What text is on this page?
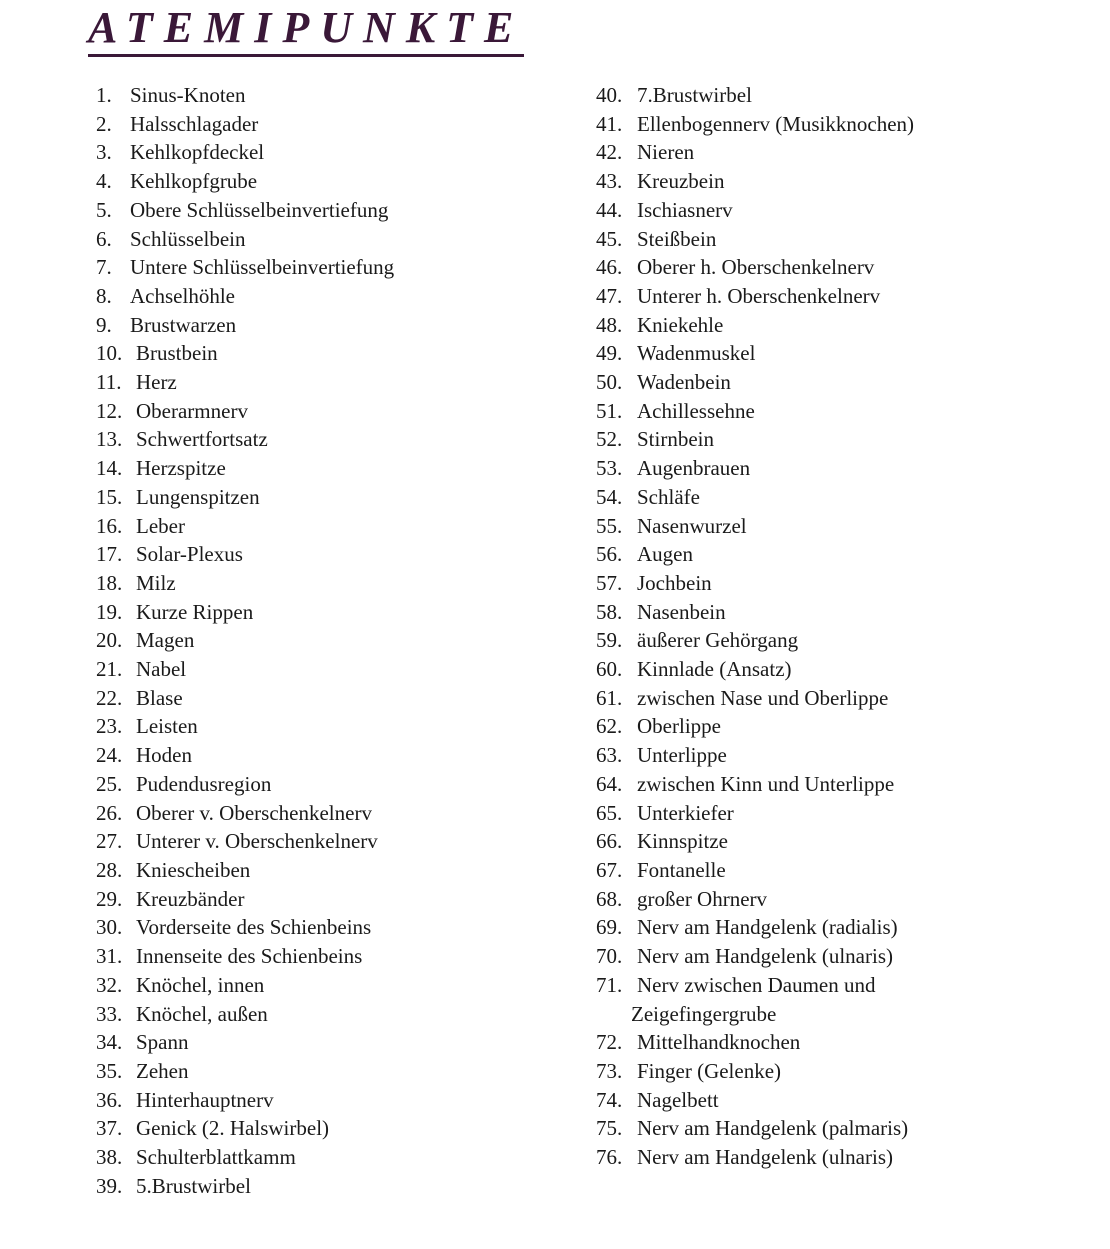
ATEMIPUNKTE
1. Sinus-Knoten
2. Halsschlagader
3. Kehlkopfdeckel
4. Kehlkopfgrube
5. Obere Schlüsselbeinvertiefung
6. Schlüsselbein
7. Untere Schlüsselbeinvertiefung
8. Achselhöhle
9. Brustwarzen
10. Brustbein
11. Herz
12. Oberarmnerv
13. Schwertfortsatz
14. Herzspitze
15. Lungenspitzen
16. Leber
17. Solar-Plexus
18. Milz
19. Kurze Rippen
20. Magen
21. Nabel
22. Blase
23. Leisten
24. Hoden
25. Pudendusregion
26. Oberer v. Oberschenkelnerv
27. Unterer v. Oberschenkelnerv
28. Kniescheiben
29. Kreuzbänder
30. Vorderseite des Schienbeins
31. Innenseite des Schienbeins
32. Knöchel, innen
33. Knöchel, außen
34. Spann
35. Zehen
36. Hinterhauptnerv
37. Genick (2. Halswirbel)
38. Schulterblattkamm
39. 5.Brustwirbel
40. 7.Brustwirbel
41. Ellenbogennerv (Musikknochen)
42. Nieren
43. Kreuzbein
44. Ischiasnerv
45. Steißbein
46. Oberer h. Oberschenkelnerv
47. Unterer h. Oberschenkelnerv
48. Kniekehle
49. Wadenmuskel
50. Wadenbein
51. Achillessehne
52. Stirnbein
53. Augenbrauen
54. Schläfe
55. Nasenwurzel
56. Augen
57. Jochbein
58. Nasenbein
59. äußerer Gehörgang
60. Kinnlade (Ansatz)
61. zwischen Nase und Oberlippe
62. Oberlippe
63. Unterlippe
64. zwischen Kinn und Unterlippe
65. Unterkiefer
66. Kinnspitze
67. Fontanelle
68. großer Ohrnerv
69. Nerv am Handgelenk (radialis)
70. Nerv am Handgelenk (ulnaris)
71. Nerv zwischen Daumen und
Zeigefingergrube
72. Mittelhandknochen
73. Finger (Gelenke)
74. Nagelbett
75. Nerv am Handgelenk (palmaris)
76. Nerv am Handgelenk (ulnaris)
